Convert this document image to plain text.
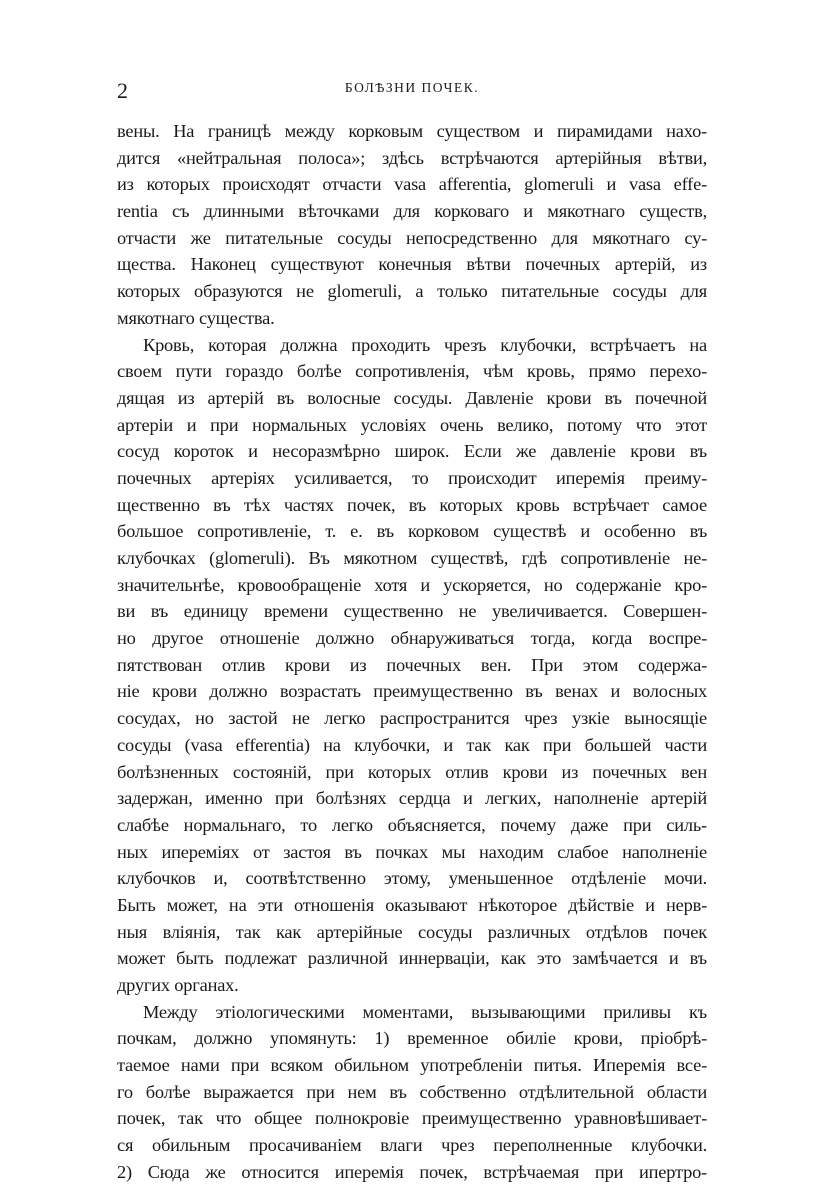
2	БОЛѢЗНИ ПОЧЕК.
вены. На границѣ между корковым существом и пирамидами нахо-
дится «нейтральная полоса»; здѣсь встрѣчаются артерійныя вѣтви,
из которых происходят отчасти vasa afferentia, glomeruli и vasa effe-
rentia съ длинными вѣточками для корковаго и мякотнаго существ,
отчасти же питательные сосуды непосредственно для мякотнаго су-
щества. Наконец существуют конечныя вѣтви почечных артерій, из
которых образуются не glomeruli, а только питательные сосуды для
мякотнаго существа.
Кровь, которая должна проходить чрезъ клубочки, встрѣчаетъ на
своем пути гораздо болѣе сопротивленія, чѣм кровь, прямо перехо-
дящая из артерій въ волосные сосуды. Давленіе крови въ почечной
артеріи и при нормальных условіях очень велико, потому что этот
сосуд короток и несоразмѣрно широк. Если же давленіе крови въ
почечных артеріях усиливается, то происходит иперемія преиму-
щественно въ тѣх частях почек, въ которых кровь встрѣчает самое
большое сопротивленіе, т. е. въ корковом существѣ и особенно въ
клубочках (glomeruli). Въ мякотном существѣ, гдѣ сопротивленіе не-
значительнѣе, кровообращеніе хотя и ускоряется, но содержаніе кро-
ви въ единицу времени существенно не увеличивается. Совершен-
но другое отношеніе должно обнаруживаться тогда, когда воспре-
пятствован отлив крови из почечных вен. При этом содержа-
ніе крови должно возрастать преимущественно въ венах и волосных
сосудах, но застой не легко распространится чрез узкіе выносящіе
сосуды (vasa efferentia) на клубочки, и так как при большей части
болѣзненных состояній, при которых отлив крови из почечных вен
задержан, именно при болѣзнях сердца и легких, наполненіе артерій
слабѣе нормальнаго, то легко объясняется, почему даже при силь-
ных ипереміях от застоя въ почках мы находим слабое наполненіе
клубочков и, соотвѣтственно этому, уменьшенное отдѣленіе мочи.
Быть может, на эти отношенія оказывают нѣкоторое дѣйствіе и нерв-
ныя вліянія, так как артерійные сосуды различных отдѣлов почек
может быть подлежат различной иннерваціи, как это замѣчается и въ
других органах.
Между этіологическими моментами, вызывающими приливы къ
почкам, должно упомянуть: 1) временное обиліе крови, пріобрѣ-
таемое нами при всяком обильном употребленіи питья. Иперемія все-
го болѣе выражается при нем въ собственно отдѣлительной области
почек, так что общее полнокровіе преимущественно уравновѣшивает-
ся обильным просачиваніем влаги чрез переполненные клубочки.
2) Сюда же относится иперемія почек, встрѣчаемая при ипертро-
